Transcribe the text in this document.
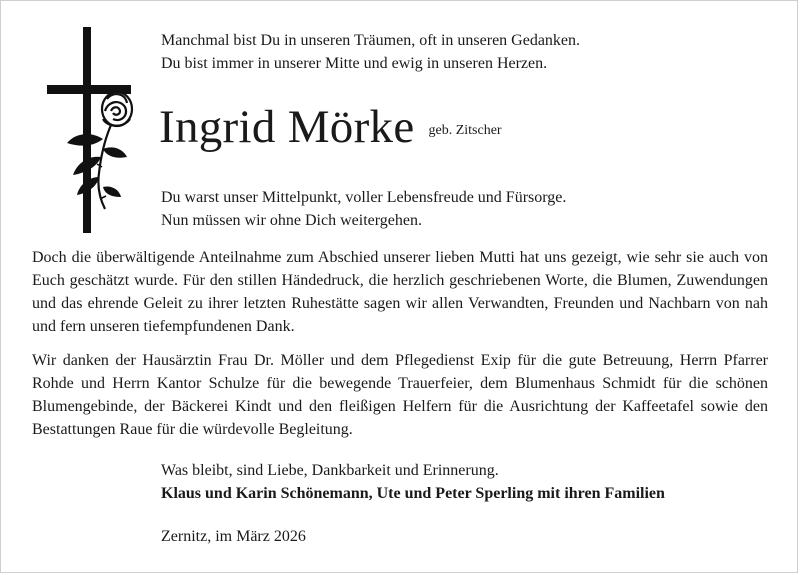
Manchmal bist Du in unseren Träumen, oft in unseren Gedanken.
Du bist immer in unserer Mitte und ewig in unseren Herzen.
Ingrid Mörke geb. Zitscher
Du warst unser Mittelpunkt, voller Lebensfreude und Fürsorge.
Nun müssen wir ohne Dich weitergehen.
Doch die überwältigende Anteilnahme zum Abschied unserer lieben Mutti hat uns gezeigt, wie sehr sie auch von Euch geschätzt wurde. Für den stillen Händedruck, die herzlich geschriebenen Worte, die Blumen, Zuwendungen und das ehrende Geleit zu ihrer letzten Ruhestätte sagen wir allen Verwandten, Freunden und Nachbarn von nah und fern unseren tiefempfundenen Dank.
Wir danken der Hausärztin Frau Dr. Möller und dem Pflegedienst Exip für die gute Betreuung, Herrn Pfarrer Rohde und Herrn Kantor Schulze für die bewegende Trauerfeier, dem Blumenhaus Schmidt für die schönen Blumengebinde, der Bäckerei Kindt und den fleißigen Helfern für die Ausrichtung der Kaffeetafel sowie den Bestattungen Raue für die würdevolle Begleitung.
Was bleibt, sind Liebe, Dankbarkeit und Erinnerung.
Klaus und Karin Schönemann, Ute und Peter Sperling mit ihren Familien
Zernitz, im März 2026
